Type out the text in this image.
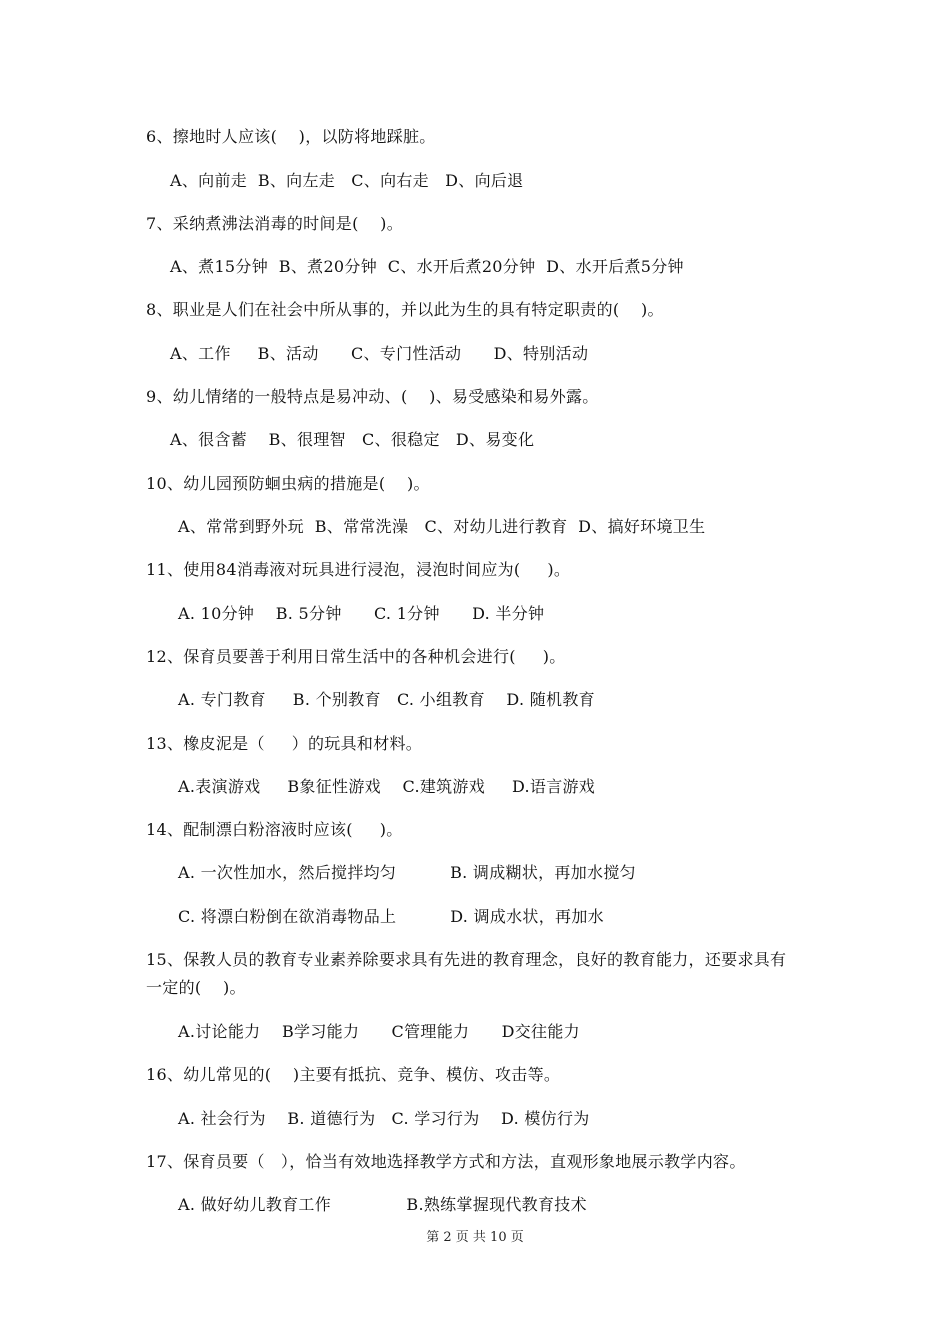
6、擦地时人应该(    )，以防将地踩脏。
A、向前走  B、向左走   C、向右走   D、向后退
7、采纳煮沸法消毒的时间是(    )。
A、煮15分钟  B、煮20分钟  C、水开后煮20分钟  D、水开后煮5分钟
8、职业是人们在社会中所从事的，并以此为生的具有特定职责的(    )。
A、工作     B、活动      C、专门性活动      D、特别活动
9、幼儿情绪的一般特点是易冲动、(    )、易受感染和易外露。
A、很含蓄    B、很理智   C、很稳定   D、易变化
10、幼儿园预防蛔虫病的措施是(    )。
A、常常到野外玩  B、常常洗澡   C、对幼儿进行教育  D、搞好环境卫生
11、使用84消毒液对玩具进行浸泡，浸泡时间应为(     )。
A. 10分钟    B. 5分钟      C. 1分钟      D. 半分钟
12、保育员要善于利用日常生活中的各种机会进行(     )。
A. 专门教育     B. 个别教育   C. 小组教育    D. 随机教育
13、橡皮泥是（     ）的玩具和材料。
A.表演游戏     B象征性游戏    C.建筑游戏     D.语言游戏
14、配制漂白粉溶液时应该(     )。
A. 一次性加水，然后搅拌均匀          B. 调成糊状，再加水搅匀
C. 将漂白粉倒在欲消毒物品上          D. 调成水状，再加水
15、保教人员的教育专业素养除要求具有先进的教育理念，良好的教育能力，还要求具有
一定的(    )。
A.讨论能力    B学习能力      C管理能力      D交往能力
16、幼儿常见的(    )主要有抵抗、竞争、模仿、攻击等。
A. 社会行为    B. 道德行为   C. 学习行为    D. 模仿行为
17、保育员要（   ），恰当有效地选择教学方式和方法，直观形象地展示教学内容。
A. 做好幼儿教育工作              B.熟练掌握现代教育技术
第 2 页 共 10 页
